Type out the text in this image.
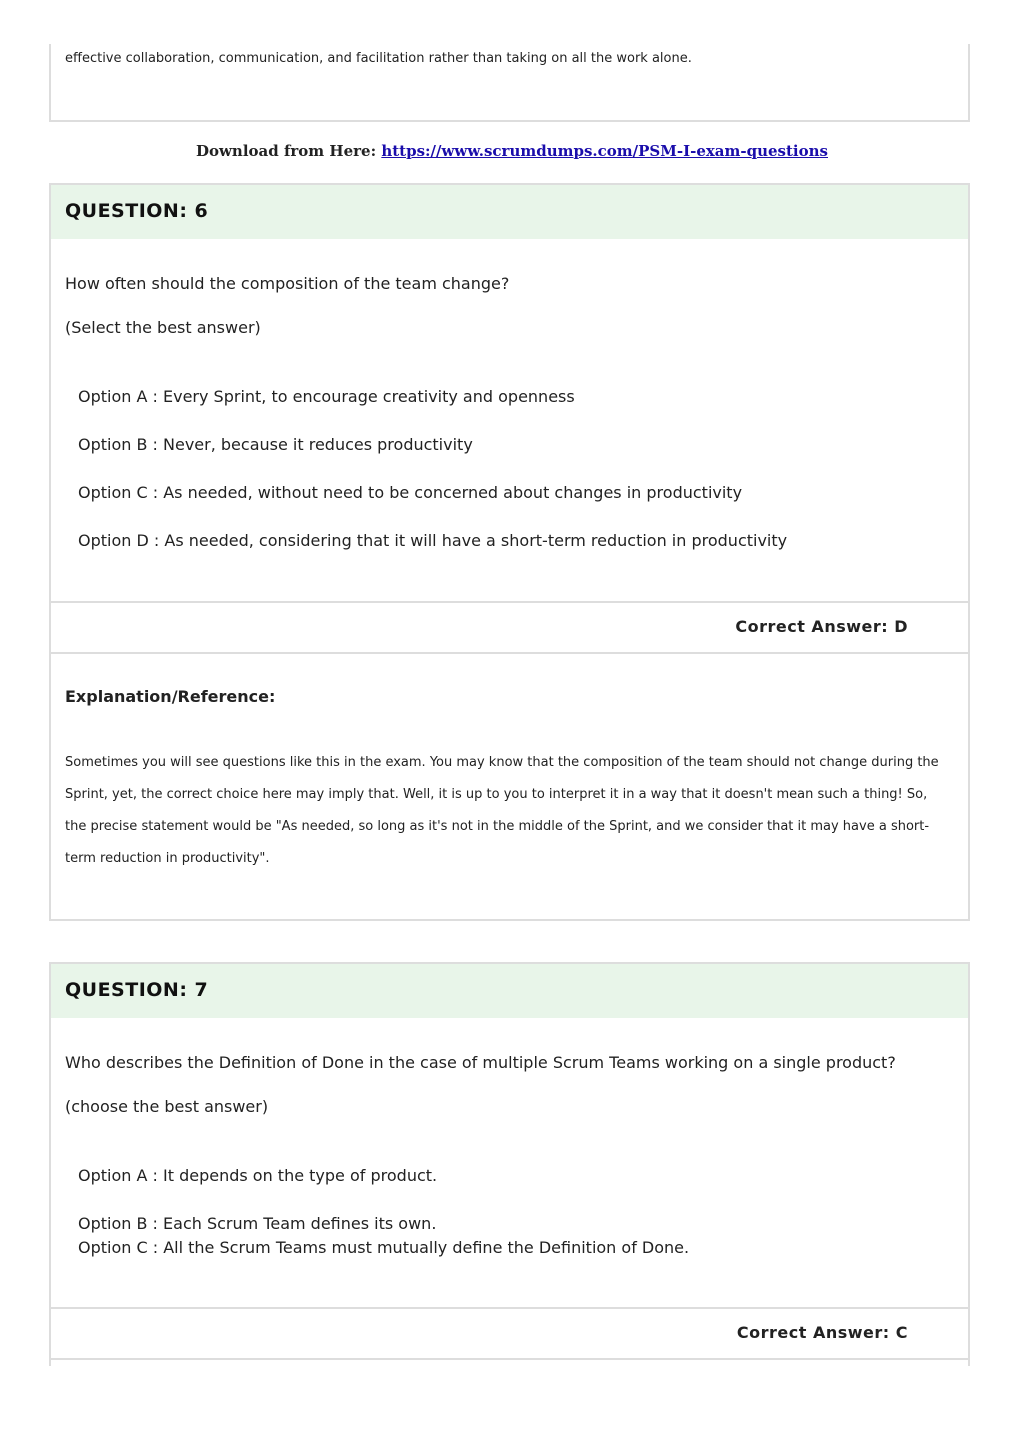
effective collaboration, communication, and facilitation rather than taking on all the work alone.
Download from Here: https://www.scrumdumps.com/PSM-I-exam-questions
QUESTION: 6
How often should the composition of the team change?
(Select the best answer)
Option A : Every Sprint, to encourage creativity and openness
Option B : Never, because it reduces productivity
Option C : As needed, without need to be concerned about changes in productivity
Option D : As needed, considering that it will have a short-term reduction in productivity
Correct Answer: D
Explanation/Reference:
Sometimes you will see questions like this in the exam. You may know that the composition of the team should not change during the Sprint, yet, the correct choice here may imply that. Well, it is up to you to interpret it in a way that it doesn't mean such a thing! So, the precise statement would be "As needed, so long as it's not in the middle of the Sprint, and we consider that it may have a short-term reduction in productivity".
QUESTION: 7
Who describes the Definition of Done in the case of multiple Scrum Teams working on a single product?
(choose the best answer)
Option A : It depends on the type of product.
Option B : Each Scrum Team defines its own.
Option C : All the Scrum Teams must mutually define the Definition of Done.
Correct Answer: C
